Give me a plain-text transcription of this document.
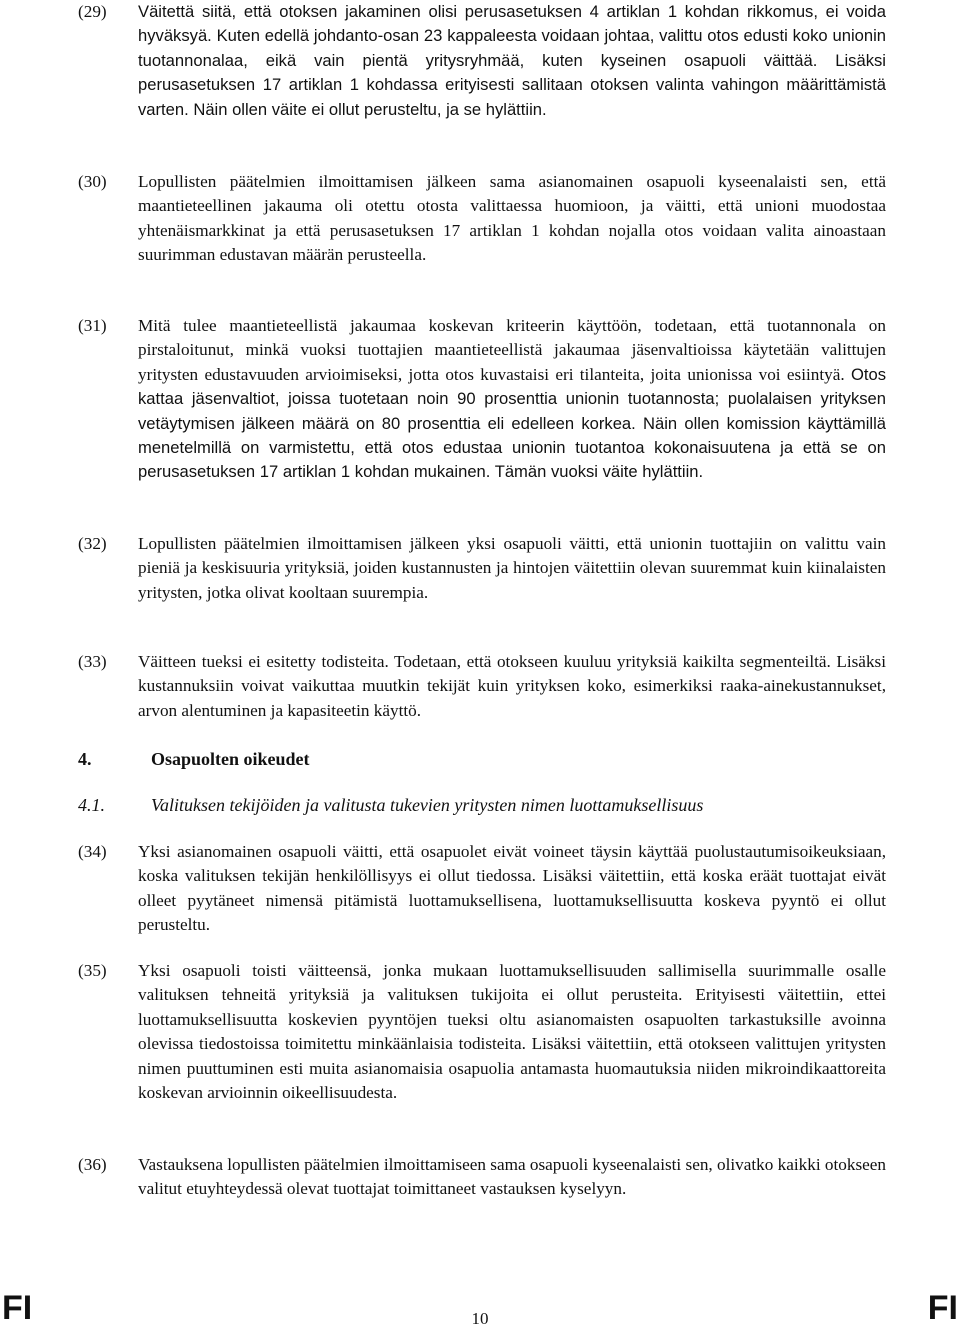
(29)	Väitettä siitä, että otoksen jakaminen olisi perusasetuksen 4 artiklan 1 kohdan rikkomus, ei voida hyväksyä. Kuten edellä johdanto-osan 23 kappaleesta voidaan johtaa, valittu otos edusti koko unionin tuotannonalaa, eikä vain pientä yritysryhmää, kuten kyseinen osapuoli väittää. Lisäksi perusasetuksen 17 artiklan 1 kohdassa erityisesti sallitaan otoksen valinta vahingon määrittämistä varten. Näin ollen väite ei ollut perusteltu, ja se hylättiin.
(30)	Lopullisten päätelmien ilmoittamisen jälkeen sama asianomainen osapuoli kyseenalaisti sen, että maantieteellinen jakauma oli otettu otosta valittaessa huomioon, ja väitti, että unioni muodostaa yhtenäismarkkinat ja että perusasetuksen 17 artiklan 1 kohdan nojalla otos voidaan valita ainoastaan suurimman edustavan määrän perusteella.
(31)	Mitä tulee maantieteellistä jakaumaa koskevan kriteerin käyttöön, todetaan, että tuotannonala on pirstaloitunut, minkä vuoksi tuottajien maantieteellistä jakaumaa jäsenvaltioissa käytetään valittujen yritysten edustavuuden arvioimiseksi, jotta otos kuvastaisi eri tilanteita, joita unionissa voi esiintyä. Otos kattaa jäsenvaltiot, joissa tuotetaan noin 90 prosenttia unionin tuotannosta; puolalaisen yrityksen vetäytymisen jälkeen määrä on 80 prosenttia eli edelleen korkea. Näin ollen komission käyttämillä menetelmillä on varmistettu, että otos edustaa unionin tuotantoa kokonaisuutena ja että se on perusasetuksen 17 artiklan 1 kohdan mukainen. Tämän vuoksi väite hylättiin.
(32)	Lopullisten päätelmien ilmoittamisen jälkeen yksi osapuoli väitti, että unionin tuottajiin on valittu vain pieniä ja keskisuuria yrityksiä, joiden kustannusten ja hintojen väitettiin olevan suuremmat kuin kiinalaisten yritysten, jotka olivat kooltaan suurempia.
(33)	Väitteen tueksi ei esitetty todisteita. Todetaan, että otokseen kuuluu yrityksiä kaikilta segmenteiltä. Lisäksi kustannuksiin voivat vaikuttaa muutkin tekijät kuin yrityksen koko, esimerkiksi raaka-ainekustannukset, arvon alentuminen ja kapasiteetin käyttö.
4.	Osapuolten oikeudet
4.1.	Valituksen tekijöiden ja valitusta tukevien yritysten nimen luottamuksellisuus
(34)	Yksi asianomainen osapuoli väitti, että osapuolet eivät voineet täysin käyttää puolustautumisoikeuksiaan, koska valituksen tekijän henkilöllisyys ei ollut tiedossa. Lisäksi väitettiin, että koska eräät tuottajat eivät olleet pyytäneet nimensä pitämistä luottamuksellisena, luottamuksellisuutta koskeva pyyntö ei ollut perusteltu.
(35)	Yksi osapuoli toisti väitteensä, jonka mukaan luottamuksellisuuden sallimisella suurimmalle osalle valituksen tehneitä yrityksiä ja valituksen tukijoita ei ollut perusteita. Erityisesti väitettiin, ettei luottamuksellisuutta koskevien pyyntöjen tueksi oltu asianomaisten osapuolten tarkastuksille avoinna olevissa tiedostoissa toimitettu minkäänlaisia todisteita. Lisäksi väitettiin, että otokseen valittujen yritysten nimen puuttuminen esti muita asianomaisia osapuolia antamasta huomautuksia niiden mikroindikaattoreita koskevan arvioinnin oikeellisuudesta.
(36)	Vastauksena lopullisten päätelmien ilmoittamiseen sama osapuoli kyseenalaisti sen, olivatko kaikki otokseen valitut etuyhteydessä olevat tuottajat toimittaneet vastauksen kyselyyn.
10
FI	FI
